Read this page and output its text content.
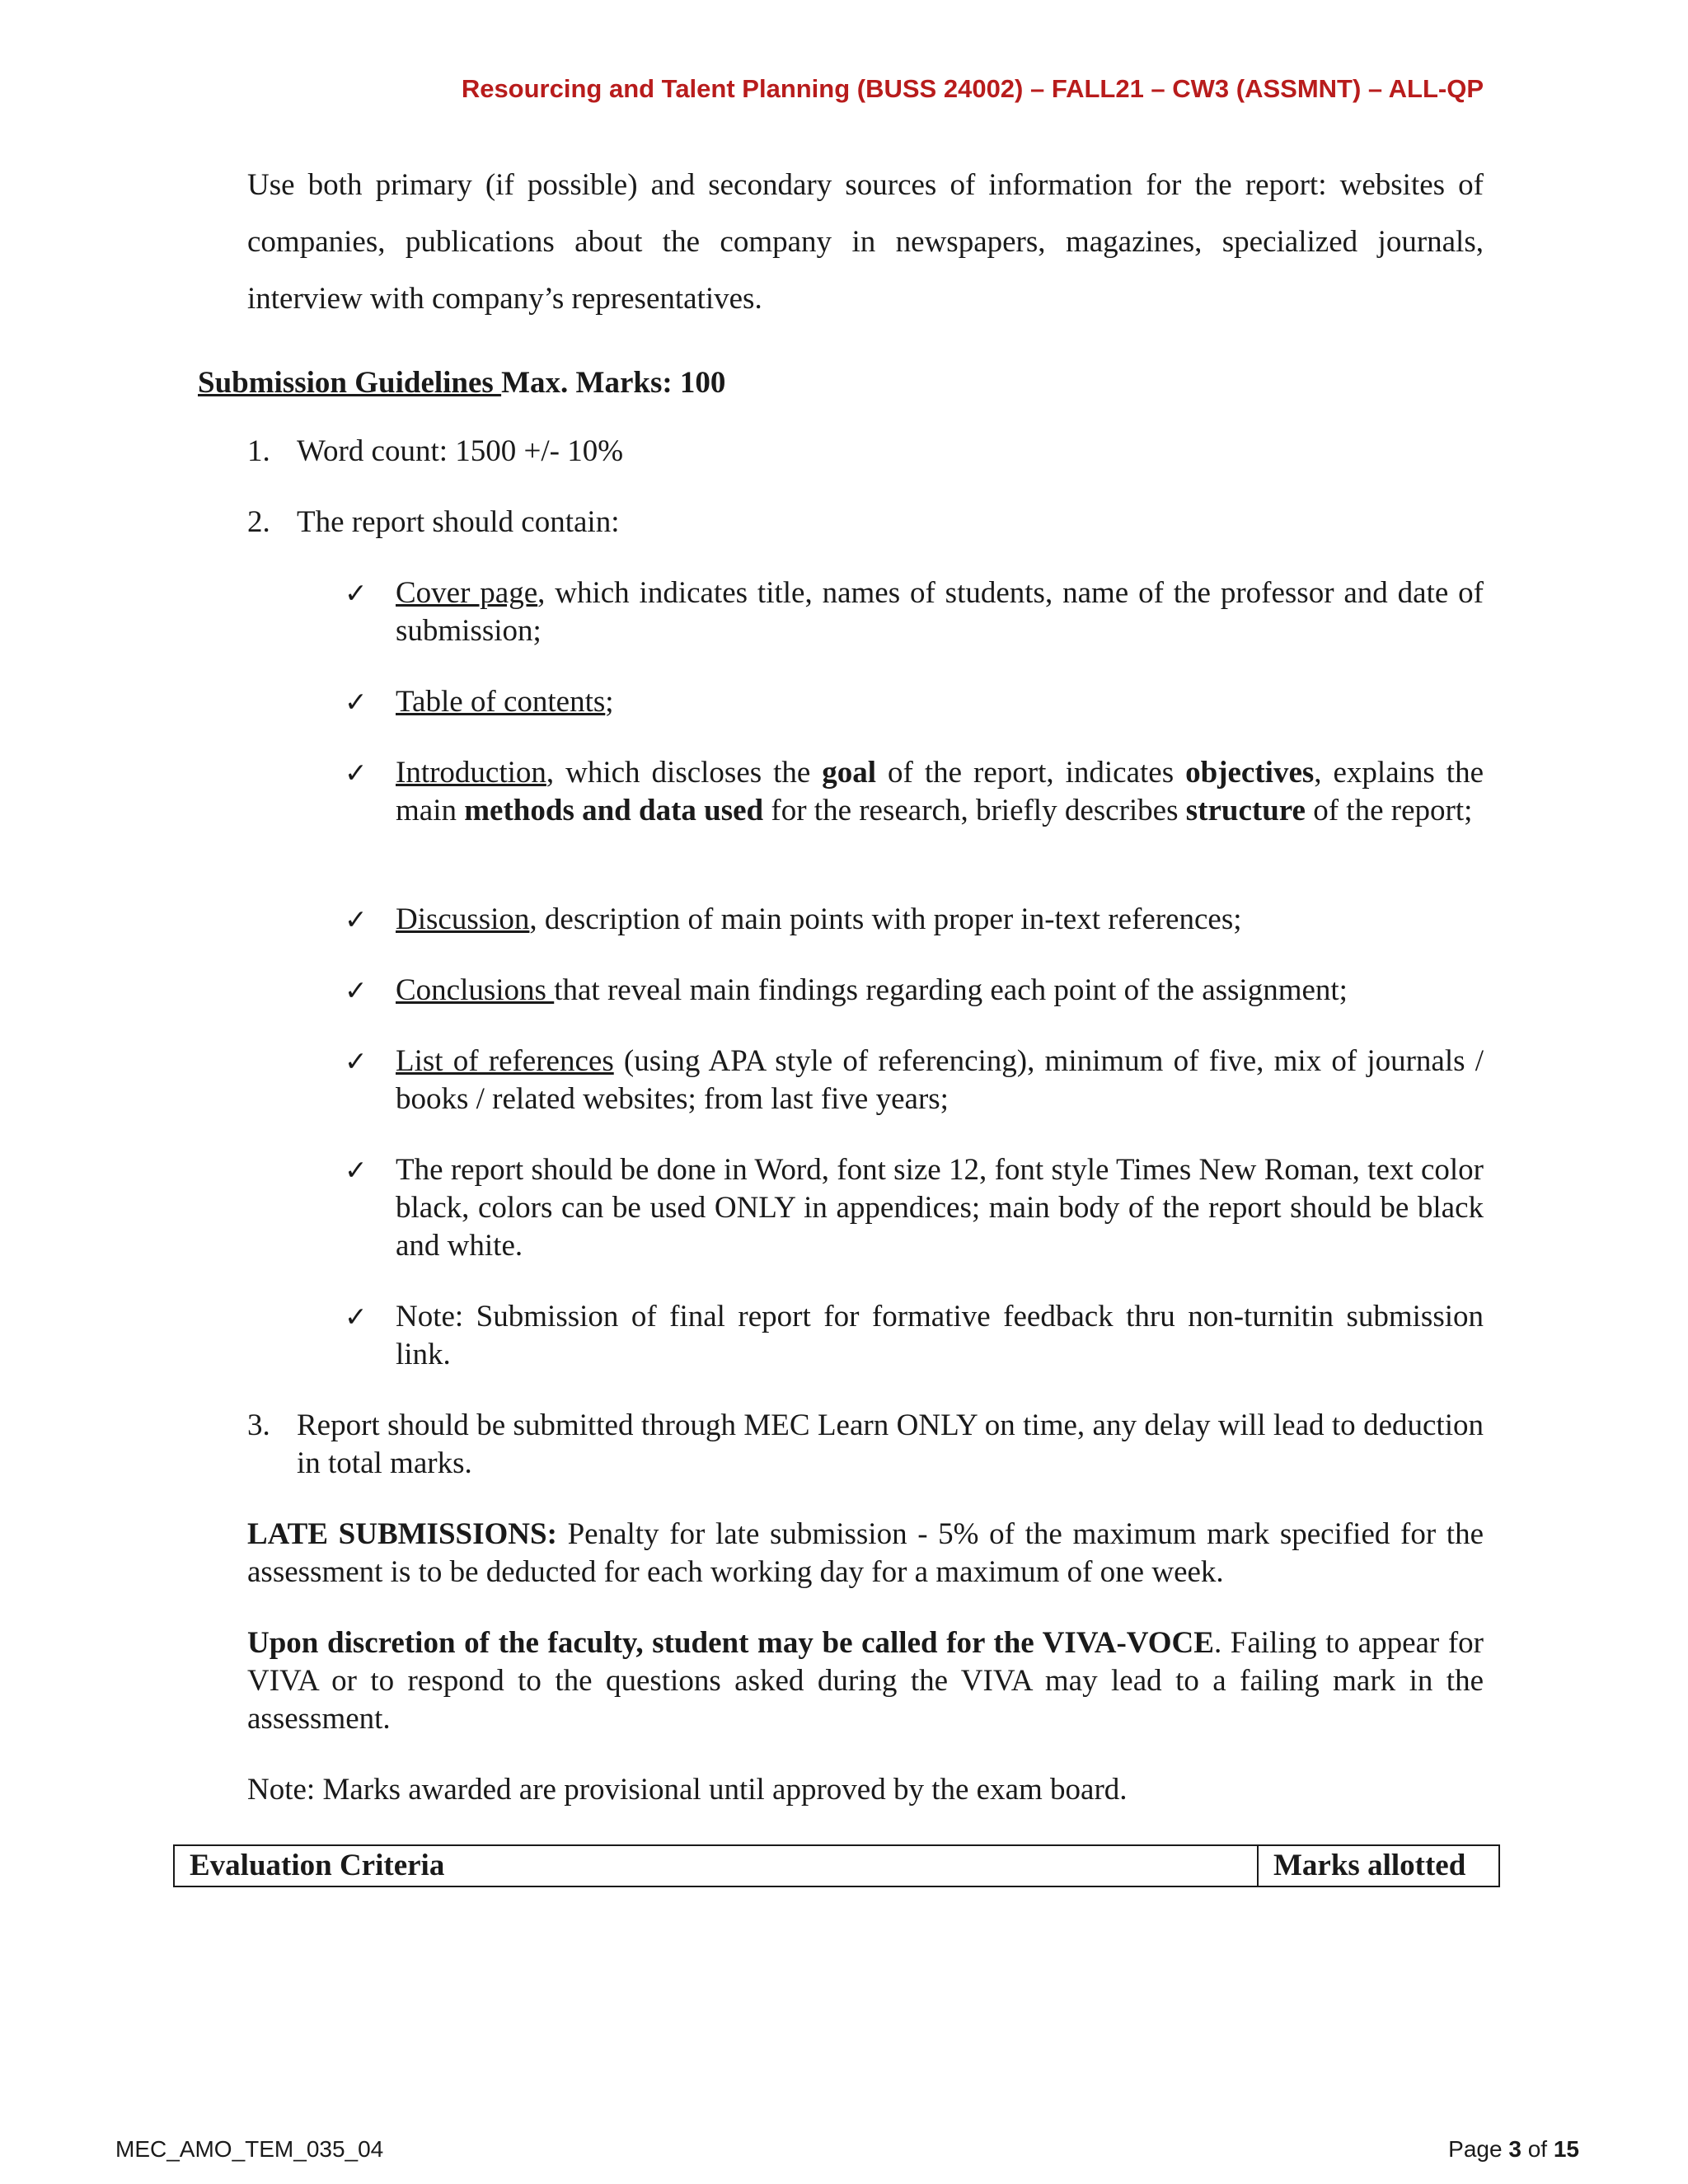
Resourcing and Talent Planning (BUSS 24002) – FALL21 – CW3 (ASSMNT) – ALL-QP
Use both primary (if possible) and secondary sources of information for the report: websites of companies, publications about the company in newspapers, magazines, specialized journals, interview with company’s representatives.
Submission Guidelines Max. Marks: 100
1. Word count: 1500 +/- 10%
2. The report should contain:
✓ Cover page, which indicates title, names of students, name of the professor and date of submission;
✓ Table of contents;
✓ Introduction, which discloses the goal of the report, indicates objectives, explains the main methods and data used for the research, briefly describes structure of the report;
✓ Discussion, description of main points with proper in-text references;
✓ Conclusions that reveal main findings regarding each point of the assignment;
✓ List of references (using APA style of referencing), minimum of five, mix of journals / books / related websites; from last five years;
✓ The report should be done in Word, font size 12, font style Times New Roman, text color black, colors can be used ONLY in appendices; main body of the report should be black and white.
✓ Note: Submission of final report for formative feedback thru non-turnitin submission link.
3. Report should be submitted through MEC Learn ONLY on time, any delay will lead to deduction in total marks.
LATE SUBMISSIONS: Penalty for late submission - 5% of the maximum mark specified for the assessment is to be deducted for each working day for a maximum of one week.
Upon discretion of the faculty, student may be called for the VIVA-VOCE. Failing to appear for VIVA or to respond to the questions asked during the VIVA may lead to a failing mark in the assessment.
Note: Marks awarded are provisional until approved by the exam board.
Evaluation Criteria	Marks allotted
MEC_AMO_TEM_035_04	Page 3 of 15
